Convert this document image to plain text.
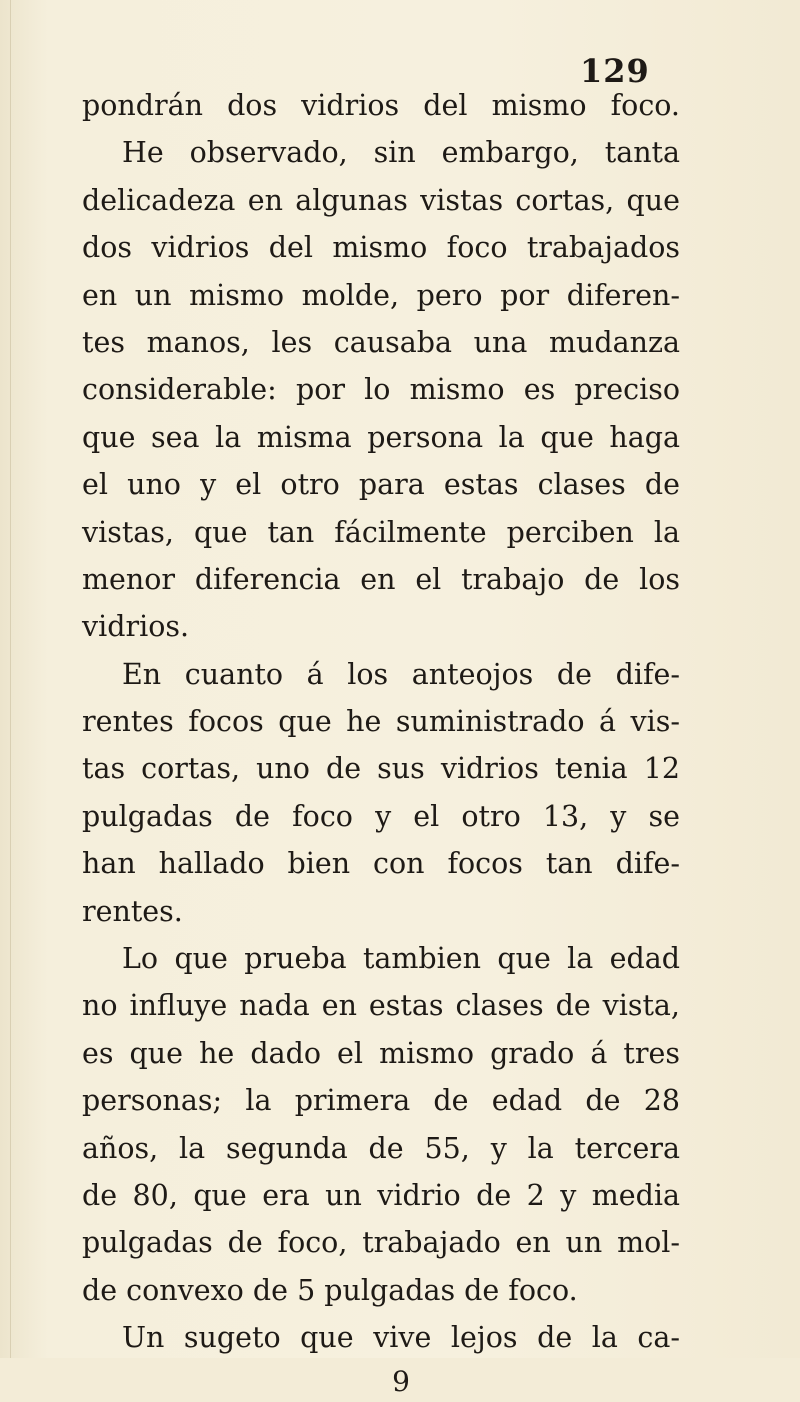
129
pondrán dos vidrios del mismo foco.
He observado, sin embargo, tanta
delicadeza en algunas vistas cortas, que
dos vidrios del mismo foco trabajados
en un mismo molde, pero por diferen-
tes manos, les causaba una mudanza
considerable: por lo mismo es preciso
que sea la misma persona la que haga
el uno y el otro para estas clases de
vistas, que tan fácilmente perciben la
menor diferencia en el trabajo de los
vidrios.
En cuanto á los anteojos de dife-
rentes focos que he suministrado á vis-
tas cortas, uno de sus vidrios tenia 12
pulgadas de foco y el otro 13, y se
han hallado bien con focos tan dife-
rentes.
Lo que prueba tambien que la edad
no influye nada en estas clases de vista,
es que he dado el mismo grado á tres
personas; la primera de edad de 28
años, la segunda de 55, y la tercera
de 80, que era un vidrio de 2 y media
pulgadas de foco, trabajado en un mol-
de convexo de 5 pulgadas de foco.
Un sugeto que vive lejos de la ca-
9
